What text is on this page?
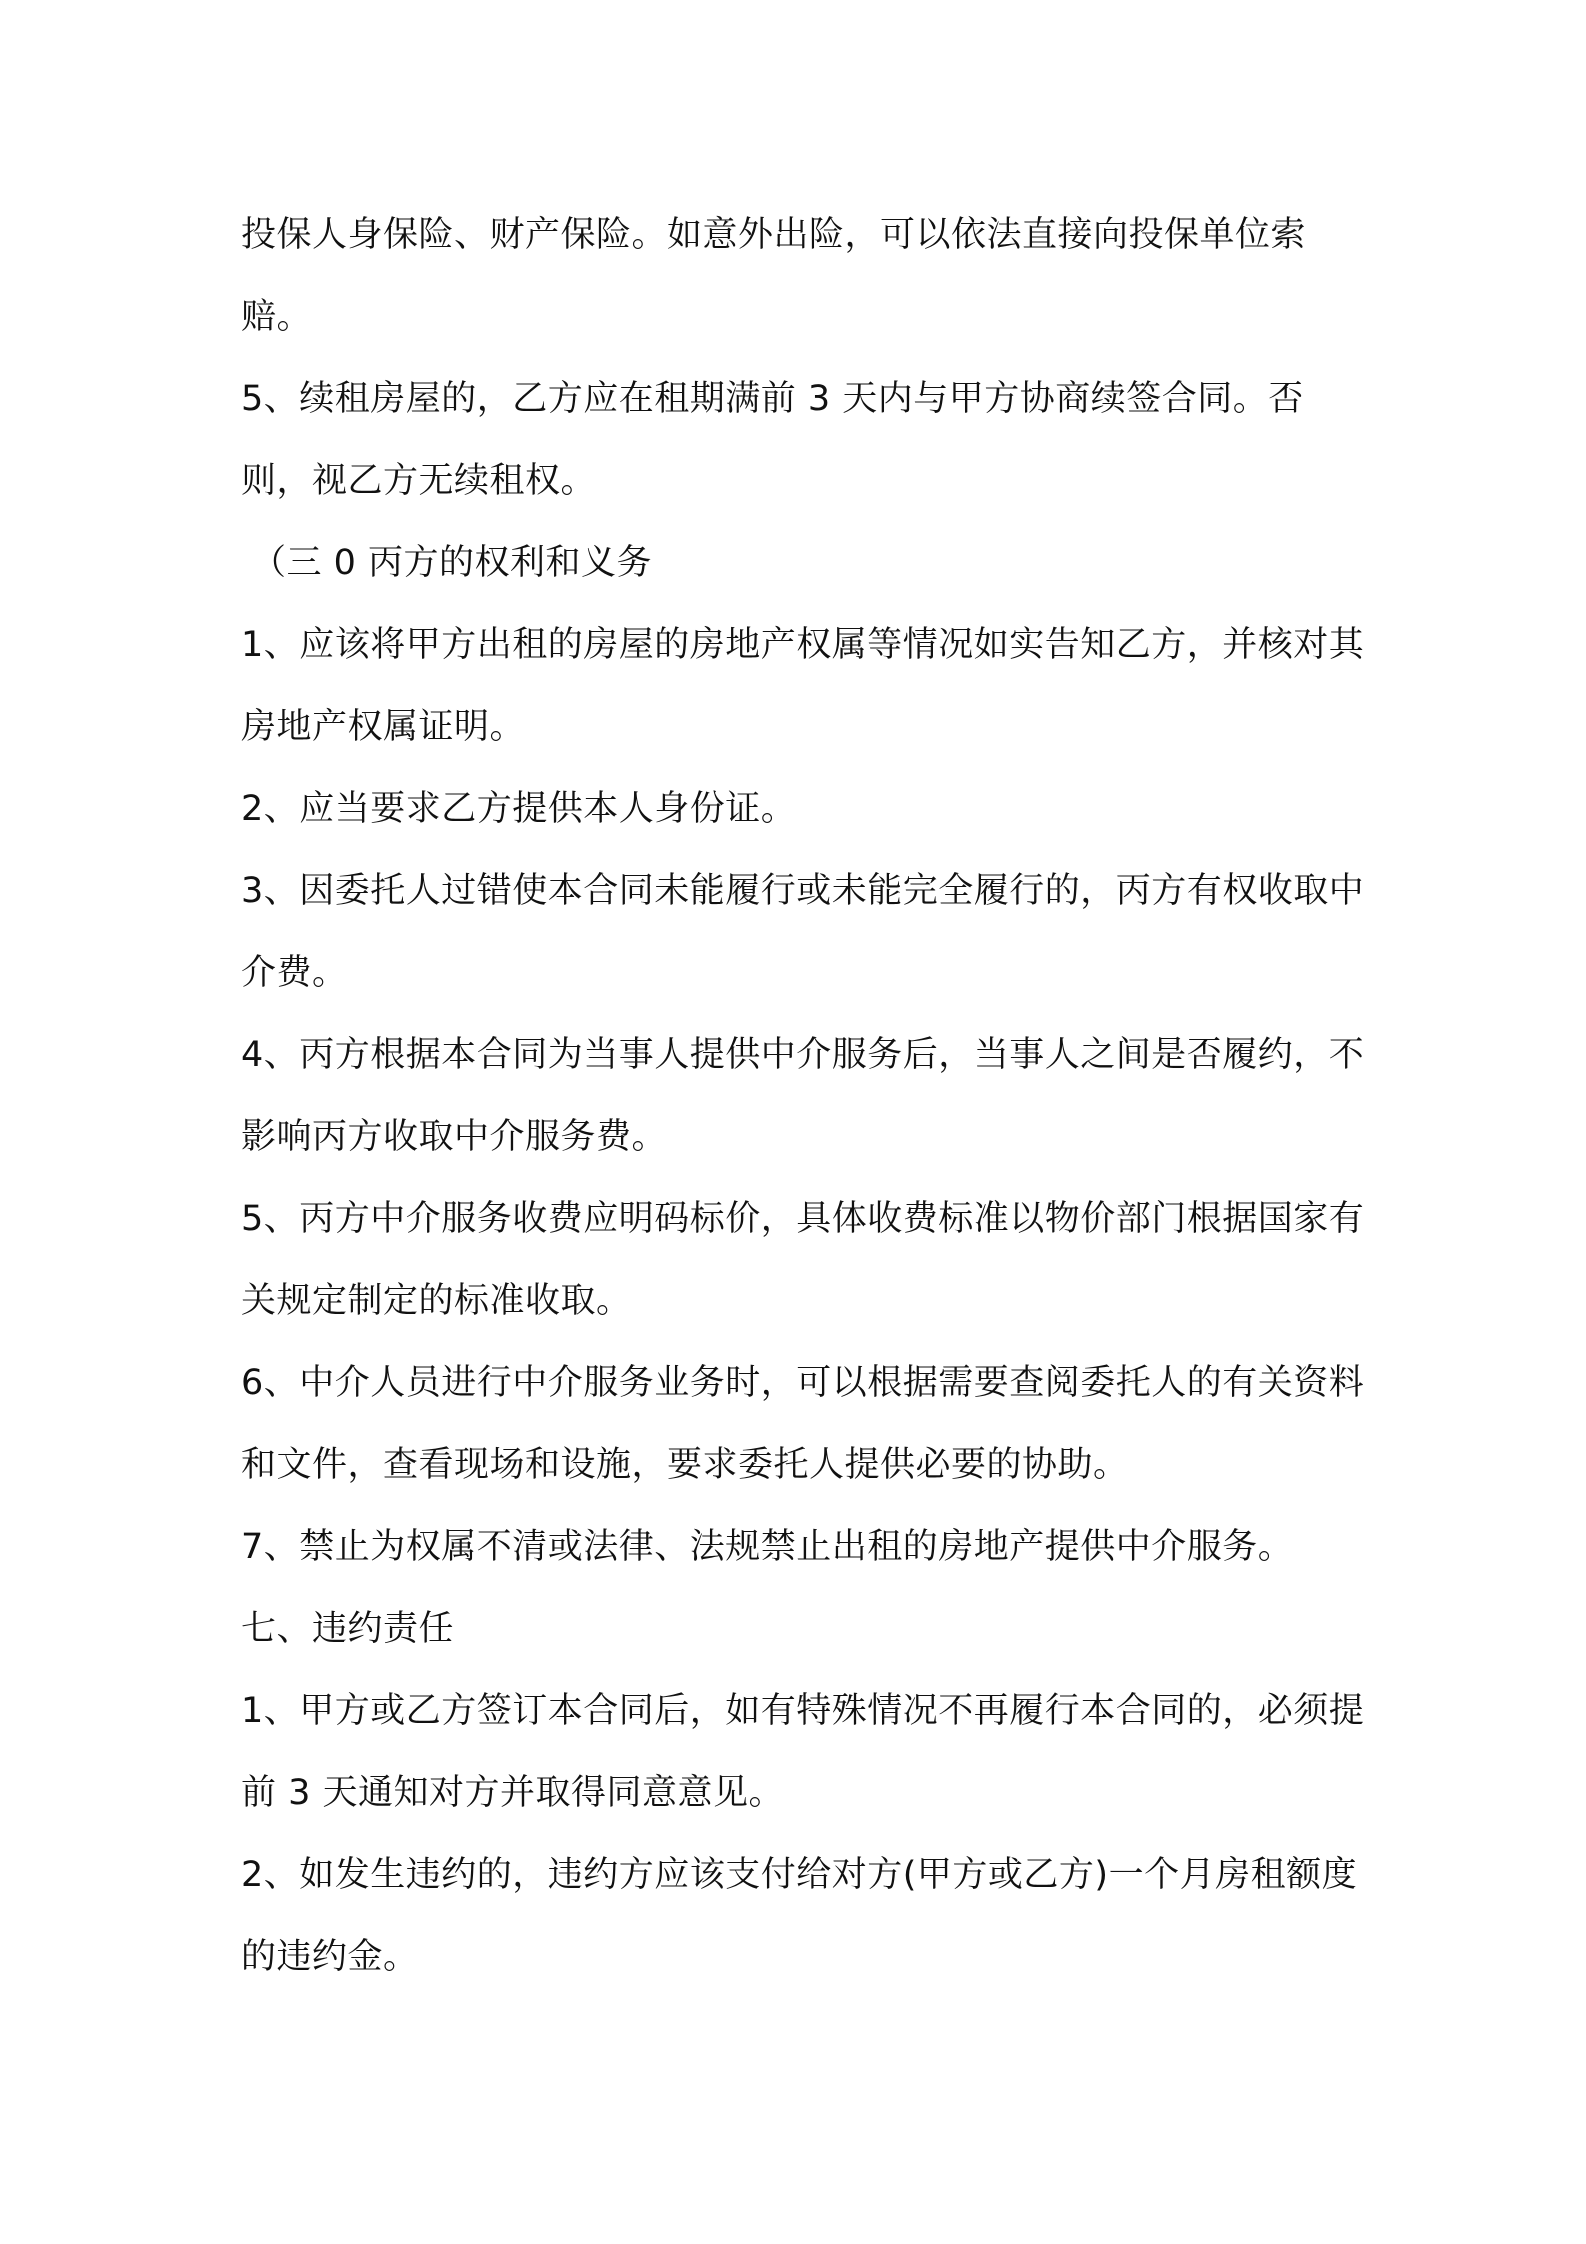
投保人身保险、财产保险。如意外出险，可以依法直接向投保单位索赔。

5、续租房屋的，乙方应在租期满前 3 天内与甲方协商续签合同。否则，视乙方无续租权。

（三 0 丙方的权利和义务

1、应该将甲方出租的房屋的房地产权属等情况如实告知乙方，并核对其房地产权属证明。

2、应当要求乙方提供本人身份证。

3、因委托人过错使本合同未能履行或未能完全履行的，丙方有权收取中介费。

4、丙方根据本合同为当事人提供中介服务后，当事人之间是否履约，不影响丙方收取中介服务费。

5、丙方中介服务收费应明码标价，具体收费标准以物价部门根据国家有关规定制定的标准收取。

6、中介人员进行中介服务业务时，可以根据需要查阅委托人的有关资料和文件，查看现场和设施，要求委托人提供必要的协助。

7、禁止为权属不清或法律、法规禁止出租的房地产提供中介服务。

七、违约责任

1、甲方或乙方签订本合同后，如有特殊情况不再履行本合同的，必须提前 3 天通知对方并取得同意意见。

2、如发生违约的，违约方应该支付给对方(甲方或乙方)一个月房租额度的违约金。
